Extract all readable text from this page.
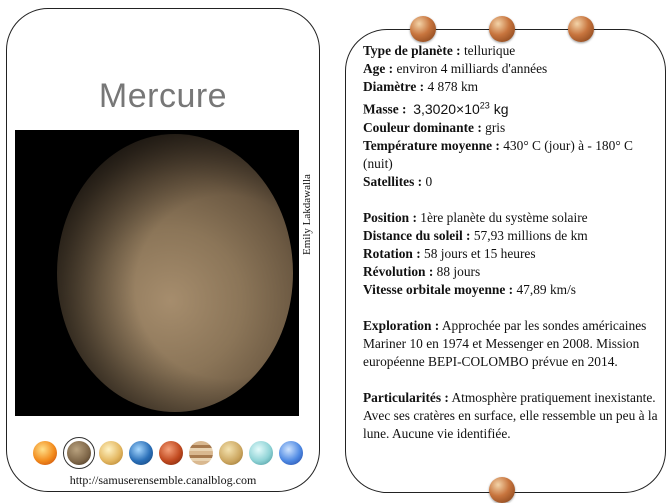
Mercure
Emily Lakdawalla
http://samuserensemble.canalblog.com

Type de planète : tellurique

Age : environ 4 milliards d'années

Diamètre : 4 878 km

Masse : $3,3020\times 10^{23}$ kg

Couleur dominante : gris

Température moyenne : 430° C (jour) à - 180° C (nuit)

Satellites : 0

Position : 1ère planète du système solaire

Distance du soleil : 57,93 millions de km

Rotation : 58 jours et 15 heures

Révolution : 88 jours

Vitesse orbitale moyenne : 47,89 km/s

Exploration : Approchée par les sondes américaines Mariner 10 en 1974 et Messenger en 2008. Mission européenne BEPI-COLOMBO prévue en 2014.

Particularités : Atmosphère pratiquement inexistante. Avec ses cratères en surface, elle ressemble un peu à la lune. Aucune vie identifiée.
